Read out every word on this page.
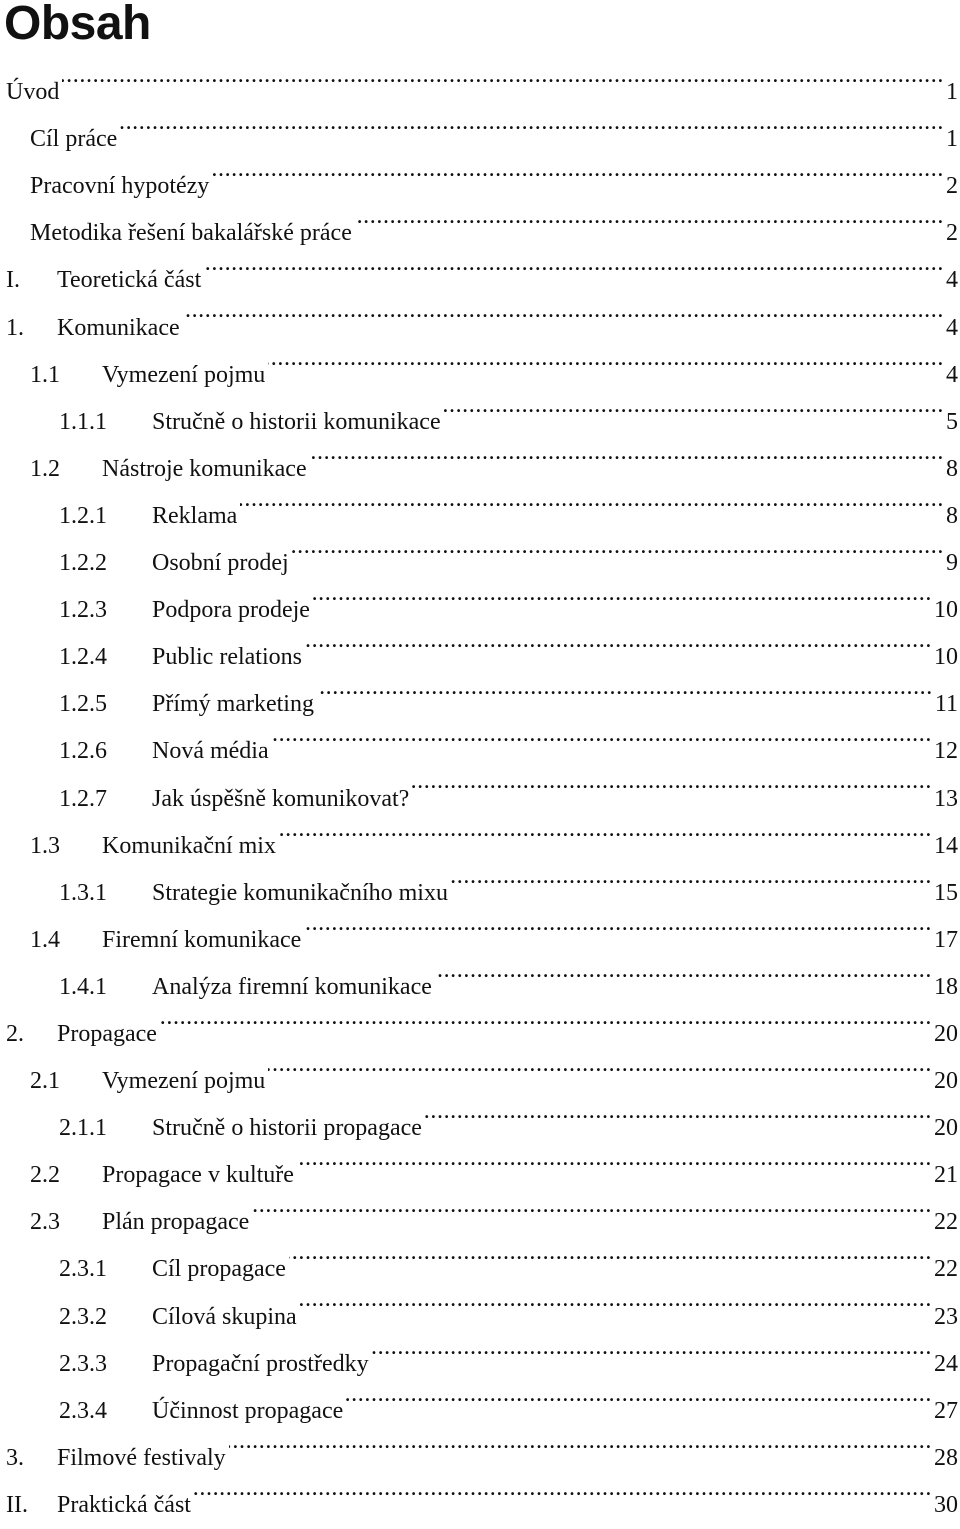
Obsah
Úvod .....	1
Cíl práce .....	1
Pracovní hypotézy .....	2
Metodika řešení bakalářské práce .....	2
I.	Teoretická část .....	4
1.	Komunikace .....	4
1.1	Vymezení pojmu .....	4
1.1.1	Stručně o historii komunikace .....	5
1.2	Nástroje komunikace .....	8
1.2.1	Reklama .....	8
1.2.2	Osobní prodej .....	9
1.2.3	Podpora prodeje .....	10
1.2.4	Public relations .....	10
1.2.5	Přímý marketing .....	11
1.2.6	Nová média .....	12
1.2.7	Jak úspěšně komunikovat? .....	13
1.3	Komunikační mix .....	14
1.3.1	Strategie komunikačního mixu .....	15
1.4	Firemní komunikace .....	17
1.4.1	Analýza firemní komunikace .....	18
2.	Propagace .....	20
2.1	Vymezení pojmu .....	20
2.1.1	Stručně o historii propagace .....	20
2.2	Propagace v kultuře .....	21
2.3	Plán propagace .....	22
2.3.1	Cíl propagace .....	22
2.3.2	Cílová skupina .....	23
2.3.3	Propagační prostředky .....	24
2.3.4	Účinnost propagace .....	27
3.	Filmové festivaly .....	28
II.	Praktická část .....	30
